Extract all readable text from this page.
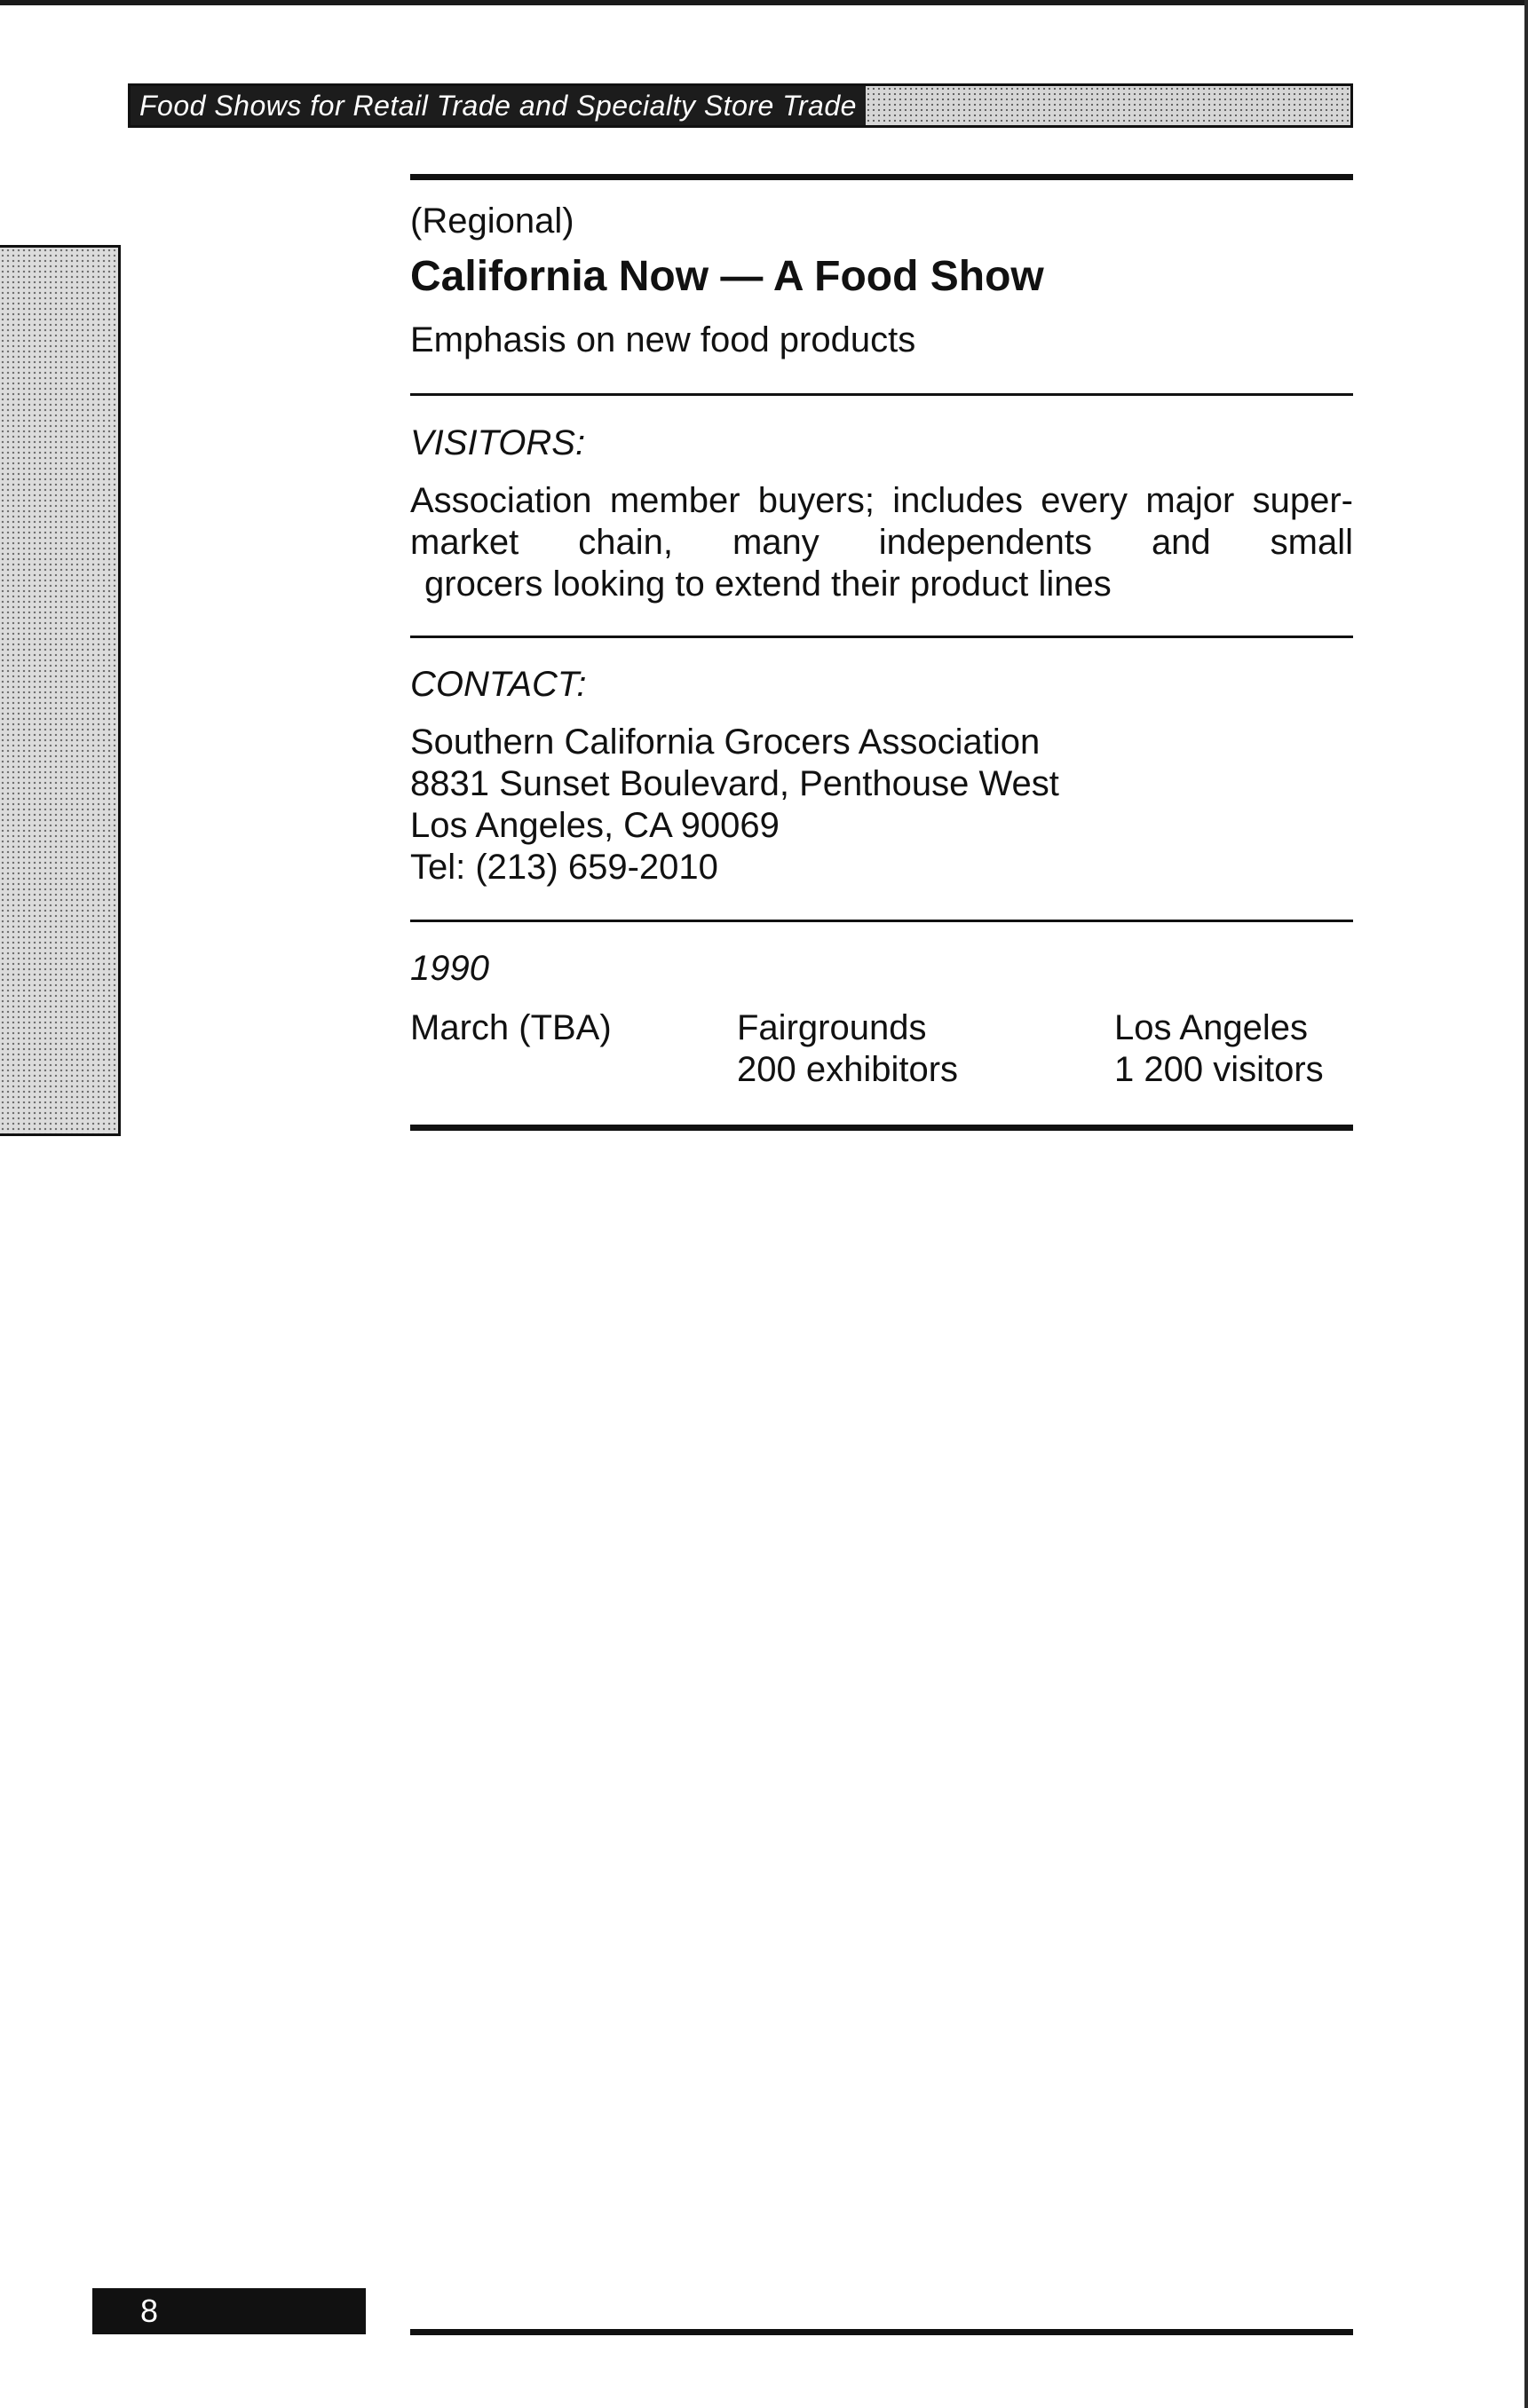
Food Shows for Retail Trade and Specialty Store Trade
(Regional)
California Now — A Food Show
Emphasis on new food products
VISITORS:
Association member buyers; includes every major super-
market chain, many independents and small
grocers looking to extend their product lines
CONTACT:
Southern California Grocers Association
8831 Sunset Boulevard, Penthouse West
Los Angeles, CA 90069
Tel: (213) 659-2010
1990
March (TBA)	Fairgrounds
200 exhibitors
Los Angeles
1 200 visitors
8
